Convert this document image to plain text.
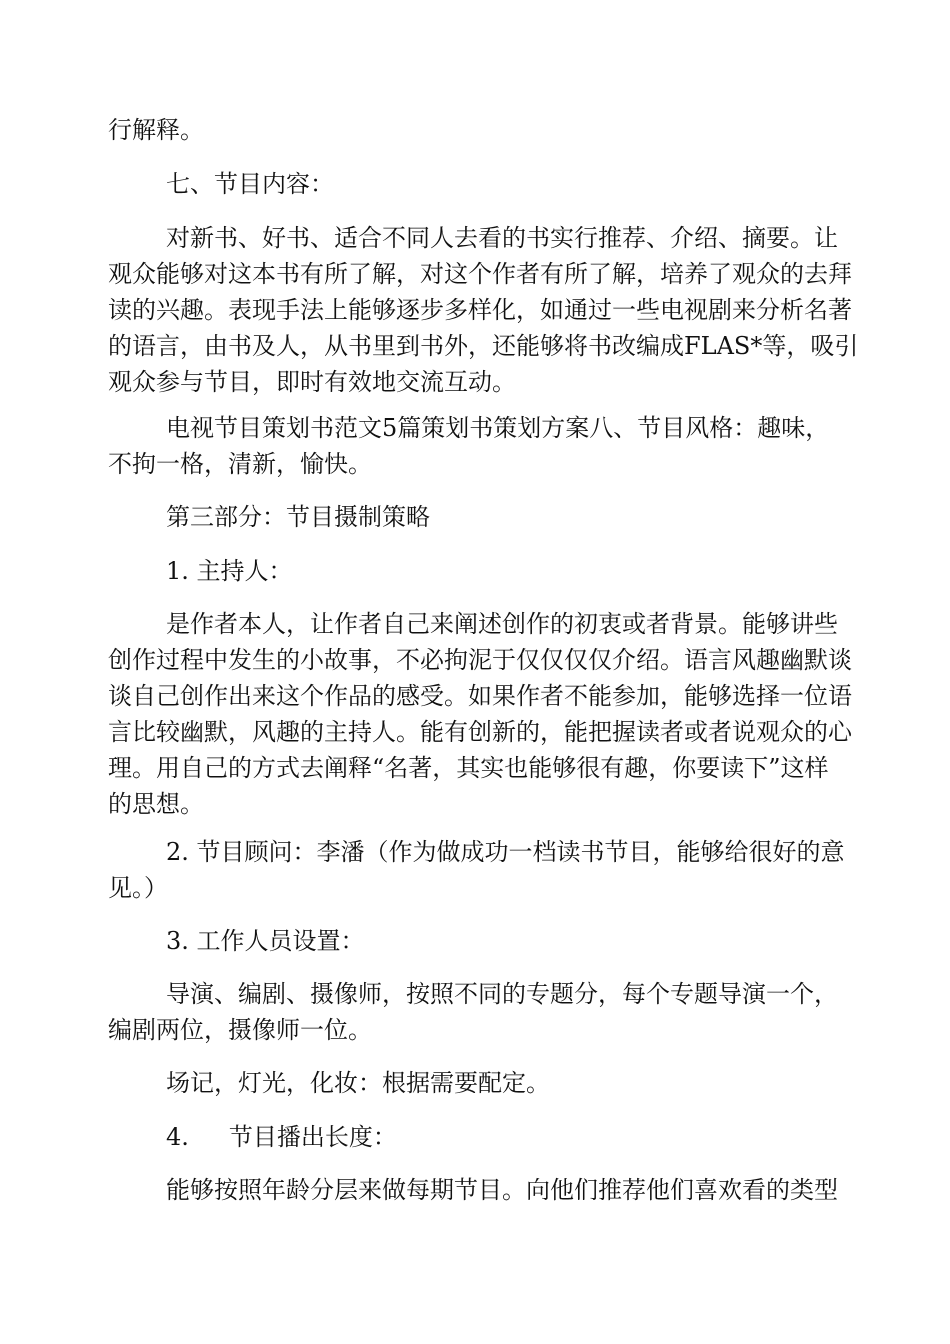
行解释。

七、节目内容：

对新书、好书、适合不同人去看的书实行推荐、介绍、摘要。让
观众能够对这本书有所了解，对这个作者有所了解，培养了观众的去拜
读的兴趣。表现手法上能够逐步多样化，如通过一些电视剧来分析名著
的语言，由书及人，从书里到书外，还能够将书改编成FLAS*等，吸引
观众参与节目，即时有效地交流互动。

电视节目策划书范文5篇策划书策划方案八、节目风格：趣味，
不拘一格，清新，愉快。

第三部分：节目摄制策略

1. 主持人：

是作者本人，让作者自己来阐述创作的初衷或者背景。能够讲些
创作过程中发生的小故事，不必拘泥于仅仅仅仅介绍。语言风趣幽默谈
谈自己创作出来这个作品的感受。如果作者不能参加，能够选择一位语
言比较幽默，风趣的主持人。能有创新的，能把握读者或者说观众的心
理。用自己的方式去阐释“名著，其实也能够很有趣，你要读下”这样
的思想。

2. 节目顾问：李潘（作为做成功一档读书节目，能够给很好的意
见。）

3. 工作人员设置：

导演、编剧、摄像师，按照不同的专题分，每个专题导演一个，
编剧两位，摄像师一位。

场记，灯光，化妆：根据需要配定。

4. 节目播出长度：

能够按照年龄分层来做每期节目。向他们推荐他们喜欢看的类型
